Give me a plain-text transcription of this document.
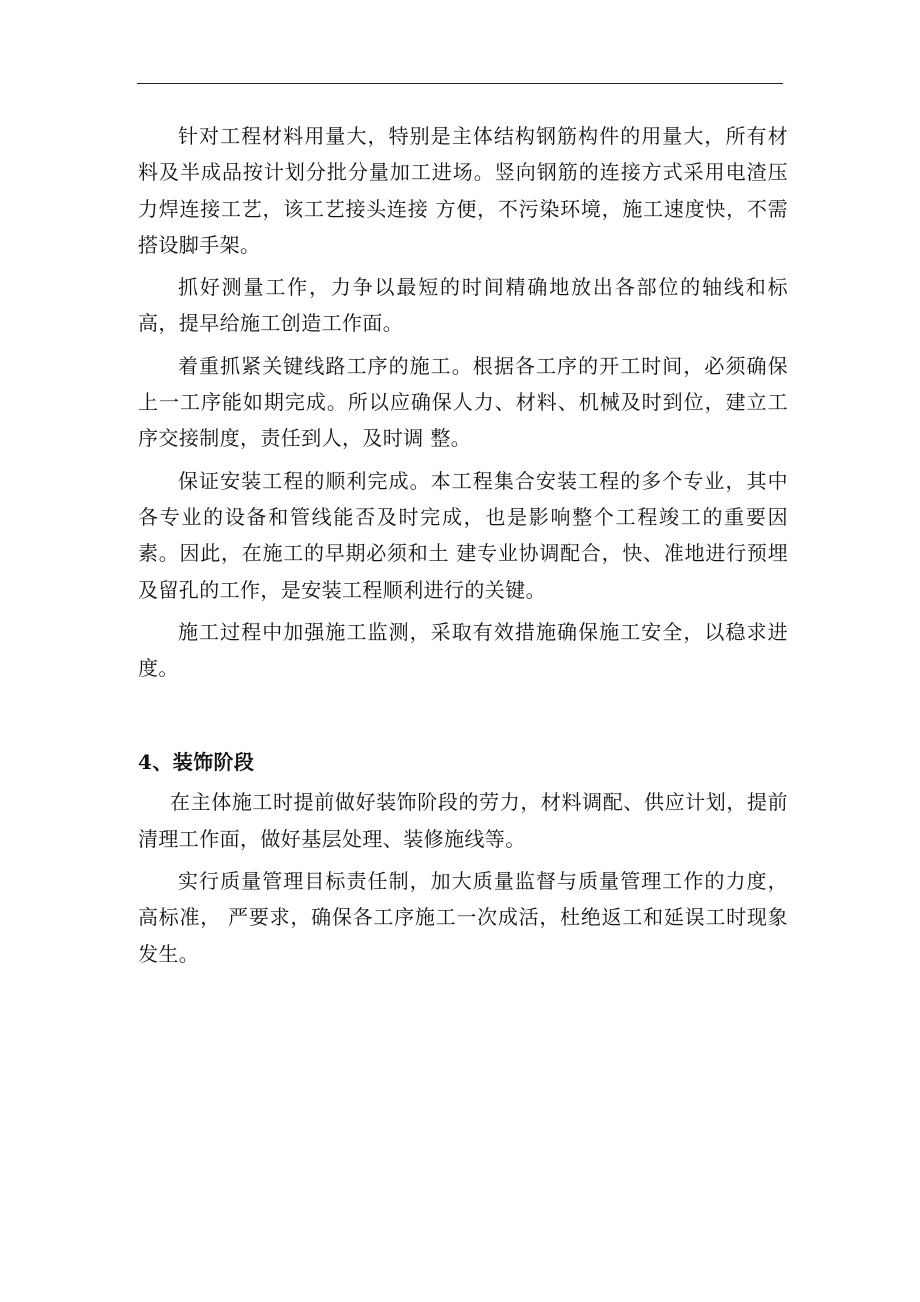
针对工程材料用量大，特别是主体结构钢筋构件的用量大，所有材料及半成品按计划分批分量加工进场。竖向钢筋的连接方式采用电渣压力焊连接工艺，该工艺接头连接 方便，不污染环境，施工速度快，不需搭设脚手架。

抓好测量工作，力争以最短的时间精确地放出各部位的轴线和标高，提早给施工创造工作面。

着重抓紧关键线路工序的施工。根据各工序的开工时间，必须确保上一工序能如期完成。所以应确保人力、材料、机械及时到位，建立工序交接制度，责任到人，及时调 整。

保证安装工程的顺利完成。本工程集合安装工程的多个专业，其中各专业的设备和管线能否及时完成，也是影响整个工程竣工的重要因素。因此，在施工的早期必须和土 建专业协调配合，快、准地进行预埋及留孔的工作，是安装工程顺利进行的关键。

施工过程中加强施工监测，采取有效措施确保施工安全，以稳求进度。

4、装饰阶段

在主体施工时提前做好装饰阶段的劳力，材料调配、供应计划，提前清理工作面，做好基层处理、装修施线等。

实行质量管理目标责任制，加大质量监督与质量管理工作的力度，高标准， 严要求，确保各工序施工一次成活，杜绝返工和延误工时现象发生。
